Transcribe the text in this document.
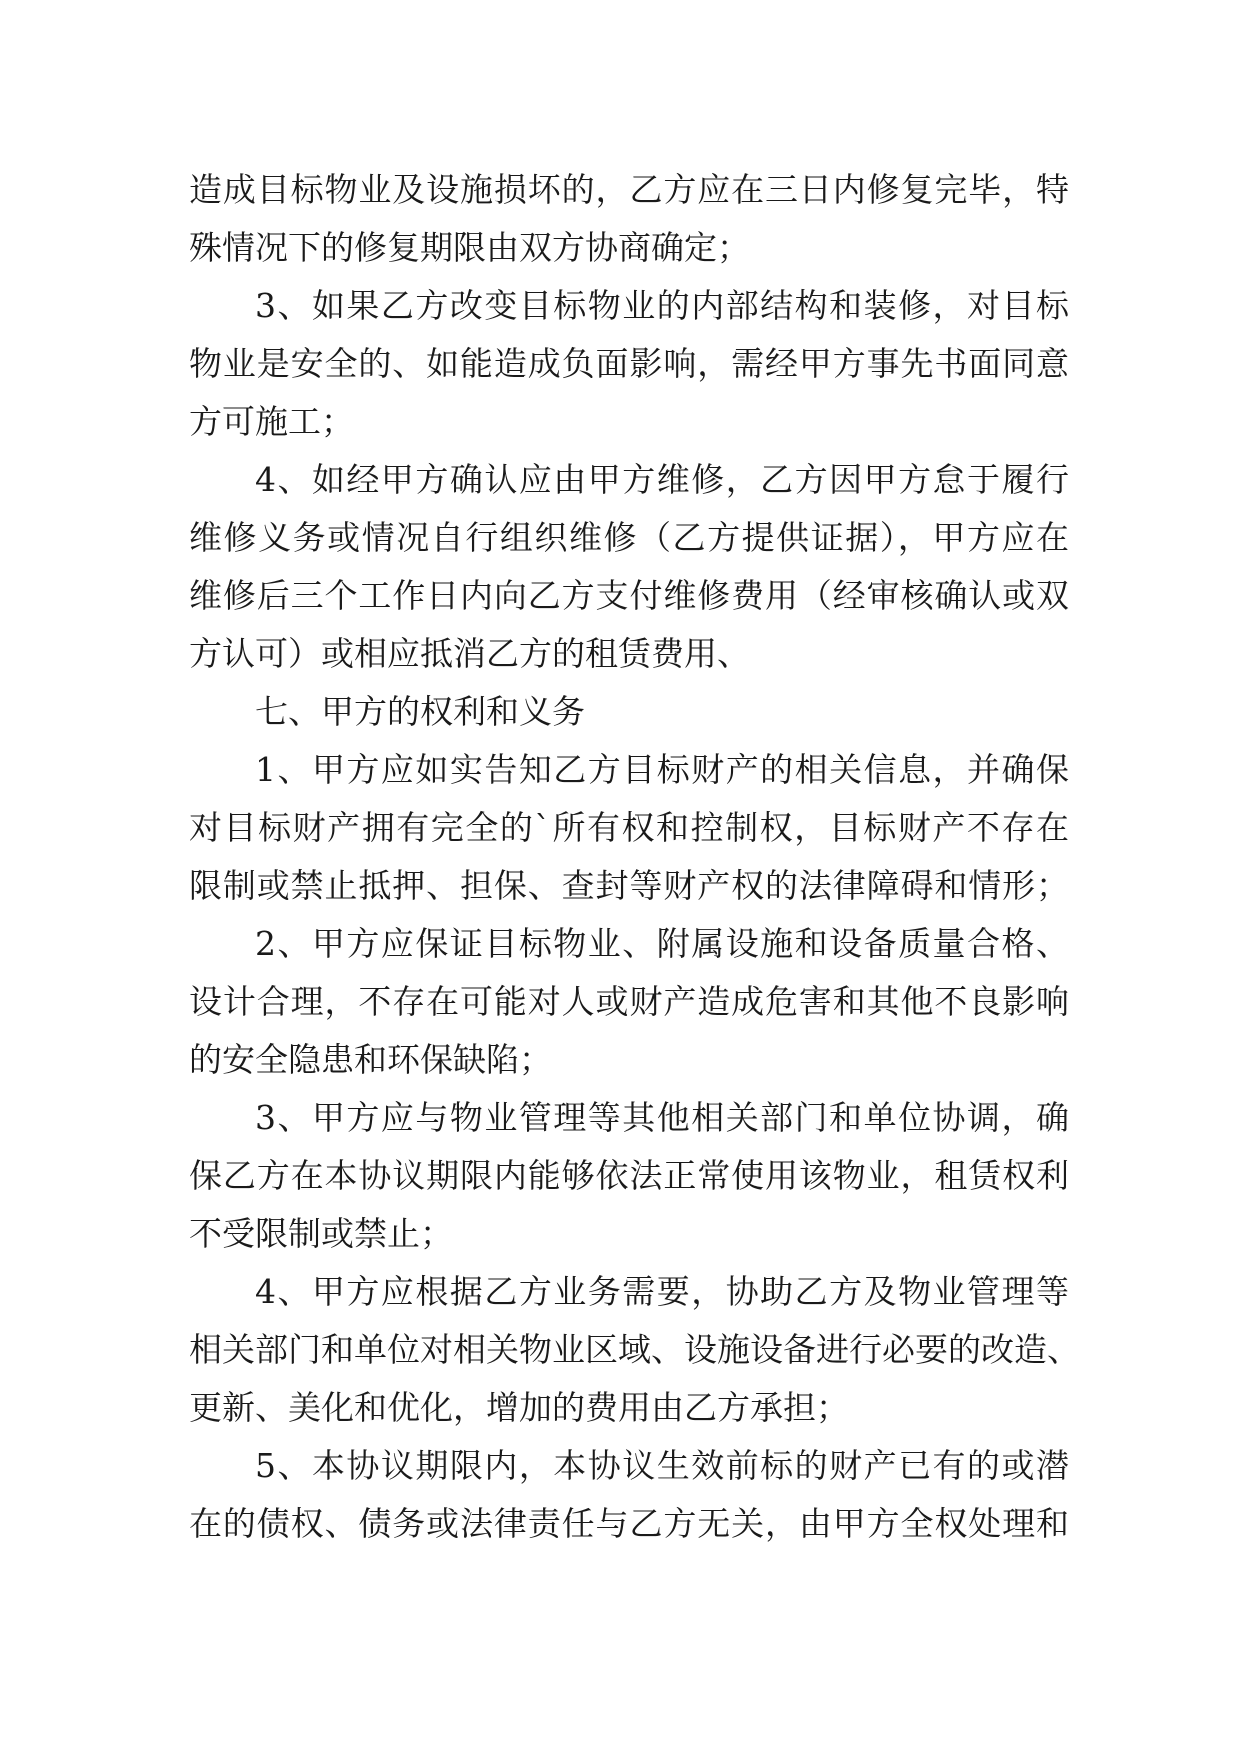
造成目标物业及设施损坏的，乙方应在三日内修复完毕，特
殊情况下的修复期限由双方协商确定；
3、如果乙方改变目标物业的内部结构和装修，对目标
物业是安全的、如能造成负面影响，需经甲方事先书面同意
方可施工；
4、如经甲方确认应由甲方维修，乙方因甲方怠于履行
维修义务或情况自行组织维修（乙方提供证据），甲方应在
维修后三个工作日内向乙方支付维修费用（经审核确认或双
方认可）或相应抵消乙方的租赁费用、
七、甲方的权利和义务
1、甲方应如实告知乙方目标财产的相关信息，并确保
对目标财产拥有完全的`所有权和控制权，目标财产不存在
限制或禁止抵押、担保、查封等财产权的法律障碍和情形；
2、甲方应保证目标物业、附属设施和设备质量合格、
设计合理，不存在可能对人或财产造成危害和其他不良影响
的安全隐患和环保缺陷；
3、甲方应与物业管理等其他相关部门和单位协调，确
保乙方在本协议期限内能够依法正常使用该物业，租赁权利
不受限制或禁止；
4、甲方应根据乙方业务需要，协助乙方及物业管理等
相关部门和单位对相关物业区域、设施设备进行必要的改造、
更新、美化和优化，增加的费用由乙方承担；
5、本协议期限内，本协议生效前标的财产已有的或潜
在的债权、债务或法律责任与乙方无关，由甲方全权处理和
